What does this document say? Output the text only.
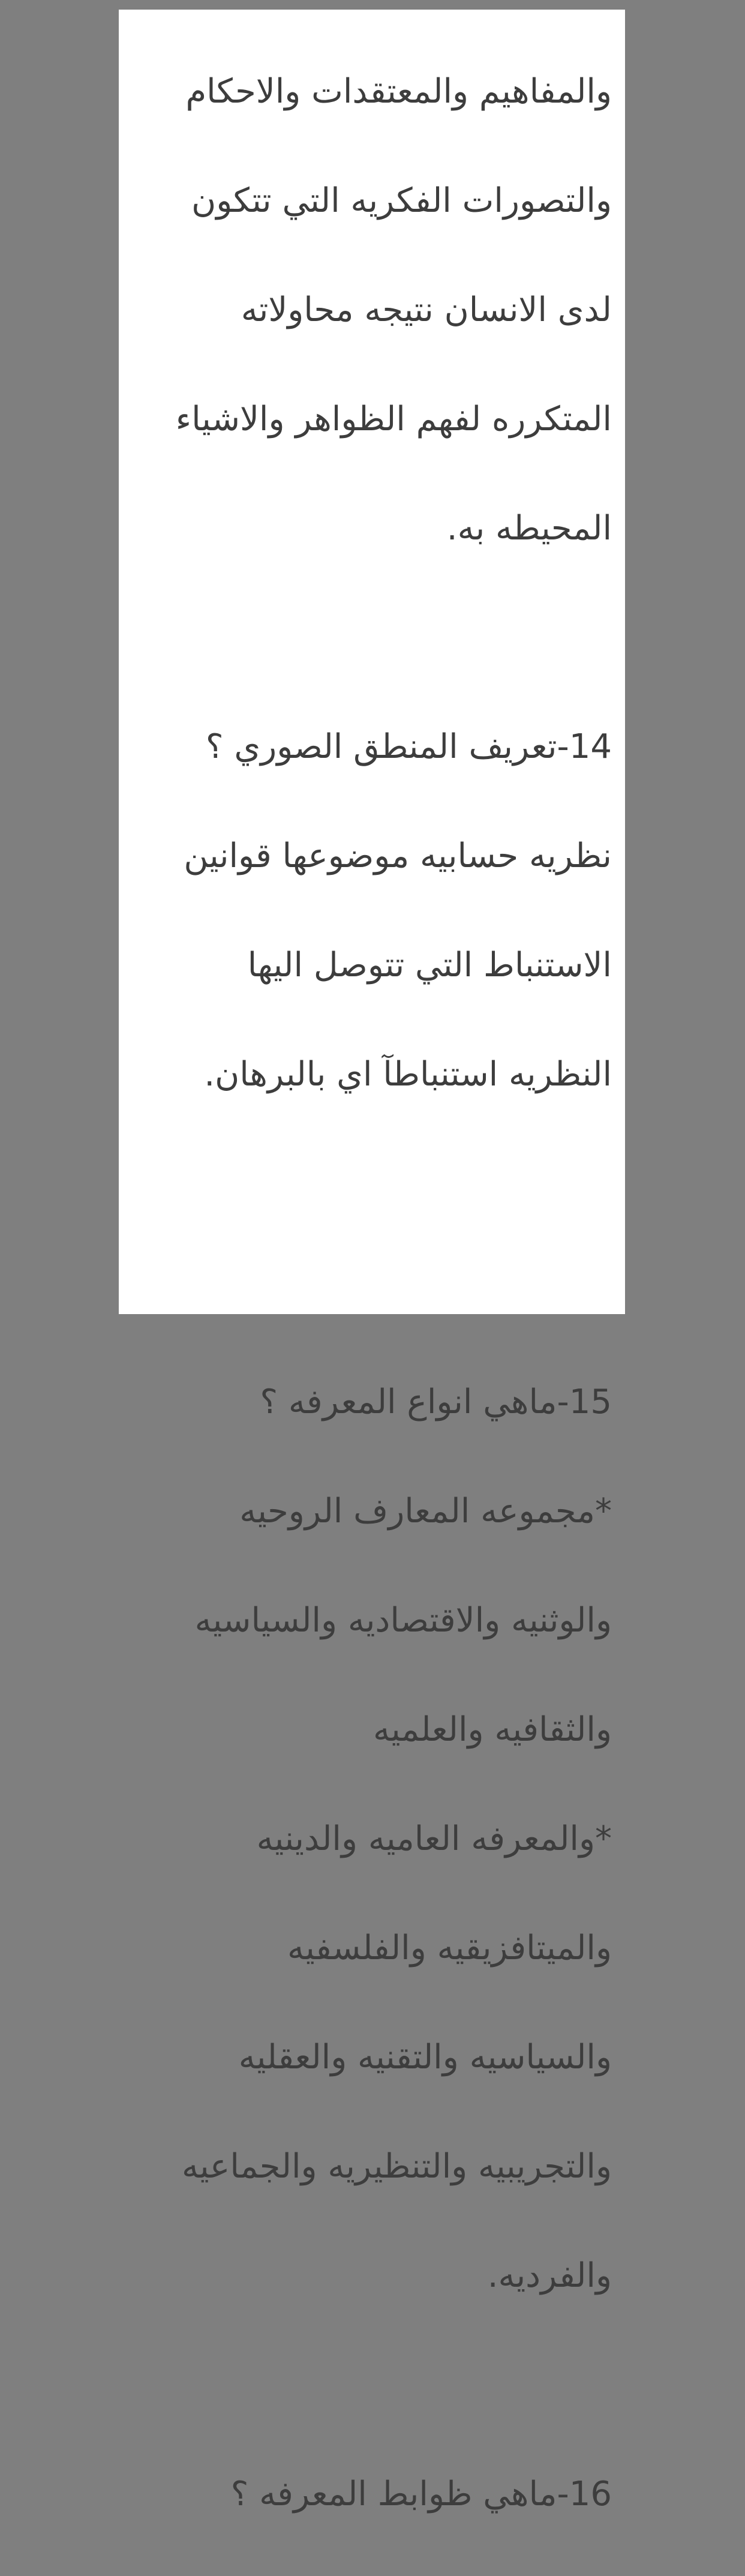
والمفاهيم والمعتقدات والاحكام

والتصورات الفكريه التي تتكون

لدى الانسان نتيجه محاولاته

المتكرره لفهم الظواهر والاشياء

المحيطه به.

14-تعريف المنطق الصوري ؟

نظريه حسابيه موضوعها قوانين

الاستنباط التي تتوصل اليها

النظريه استنباطآ اي بالبرهان.

15-ماهي انواع المعرفه ؟

*مجموعه المعارف الروحيه

والوثنيه والاقتصاديه والسياسيه

والثقافيه والعلميه

*والمعرفه العاميه والدينيه

والميتافزيقيه والفلسفيه

والسياسيه والتقنيه والعقليه

والتجريبيه والتنظيريه والجماعيه

والفرديه.

16-ماهي ظوابط المعرفه ؟
